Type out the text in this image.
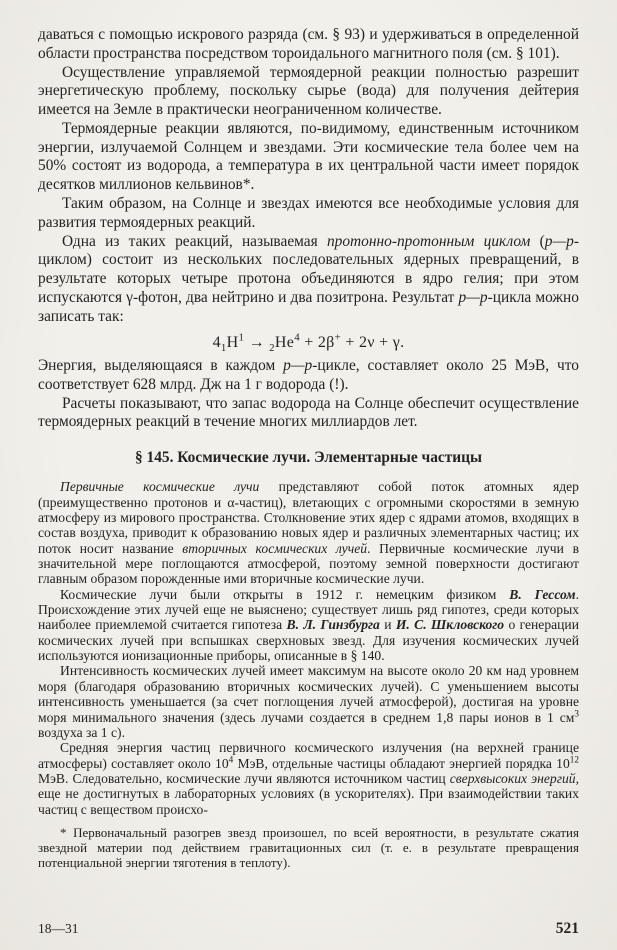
даваться с помощью искрового разряда (см. § 93) и удерживаться в определенной области пространства посредством тороидального магнитного поля (см. § 101).

Осуществление управляемой термоядерной реакции полностью разрешит энергетическую проблему, поскольку сырье (вода) для получения дейтерия имеется на Земле в практически неограниченном количестве.

Термоядерные реакции являются, по-видимому, единственным источником энергии, излучаемой Солнцем и звездами. Эти космические тела более чем на 50% состоят из водорода, а температура в их центральной части имеет порядок десятков миллионов кельвинов*.

Таким образом, на Солнце и звездах имеются все необходимые условия для развития термоядерных реакций.

Одна из таких реакций, называемая протонно-протонным циклом (р—р-циклом) состоит из нескольких последовательных ядерных превращений, в результате которых четыре протона объединяются в ядро гелия; при этом испускаются γ-фотон, два нейтрино и два позитрона. Результат р—р-цикла можно записать так:

$4_1H^1 \to _2He^4 + 2\beta^+ + 2\nu + \gamma$.

Энергия, выделяющаяся в каждом р—р-цикле, составляет около 25 МэВ, что соответствует 628 млрд. Дж на 1 г водорода (!).

Расчеты показывают, что запас водорода на Солнце обеспечит осуществление термоядерных реакций в течение многих миллиардов лет.

§ 145. Космические лучи. Элементарные частицы

Первичные космические лучи представляют собой поток атомных ядер (преимущественно протонов и α-частиц), влетающих с огромными скоростями в земную атмосферу из мирового пространства. Столкновение этих ядер с ядрами атомов, входящих в состав воздуха, приводит к образованию новых ядер и различных элементарных частиц; их поток носит название вторичных космических лучей. Первичные космические лучи в значительной мере поглощаются атмосферой, поэтому земной поверхности достигают главным образом порожденные ими вторичные космические лучи.

Космические лучи были открыты в 1912 г. немецким физиком В. Гессом. Происхождение этих лучей еще не выяснено; существует лишь ряд гипотез, среди которых наиболее приемлемой считается гипотеза В. Л. Гинзбурга и И. С. Шкловского о генерации космических лучей при вспышках сверхновых звезд. Для изучения космических лучей используются ионизационные приборы, описанные в § 140.

Интенсивность космических лучей имеет максимум на высоте около 20 км над уровнем моря (благодаря образованию вторичных космических лучей). С уменьшением высоты интенсивность уменьшается (за счет поглощения лучей атмосферой), достигая на уровне моря минимального значения (здесь лучами создается в среднем 1,8 пары ионов в 1 $см^3$ воздуха за 1 с).

Средняя энергия частиц первичного космического излучения (на верхней границе атмосферы) составляет около $10^4$ МэВ, отдельные частицы обладают энергией порядка $10^{12}$ МэВ. Следовательно, космические лучи являются источником частиц сверхвысоких энергий, еще не достигнутых в лабораторных условиях (в ускорителях). При взаимодействии таких частиц с веществом происхо-

* Первоначальный разогрев звезд произошел, по всей вероятности, в результате сжатия звездной материи под действием гравитационных сил (т. е. в результате превращения потенциальной энергии тяготения в теплоту).

18—31	521
